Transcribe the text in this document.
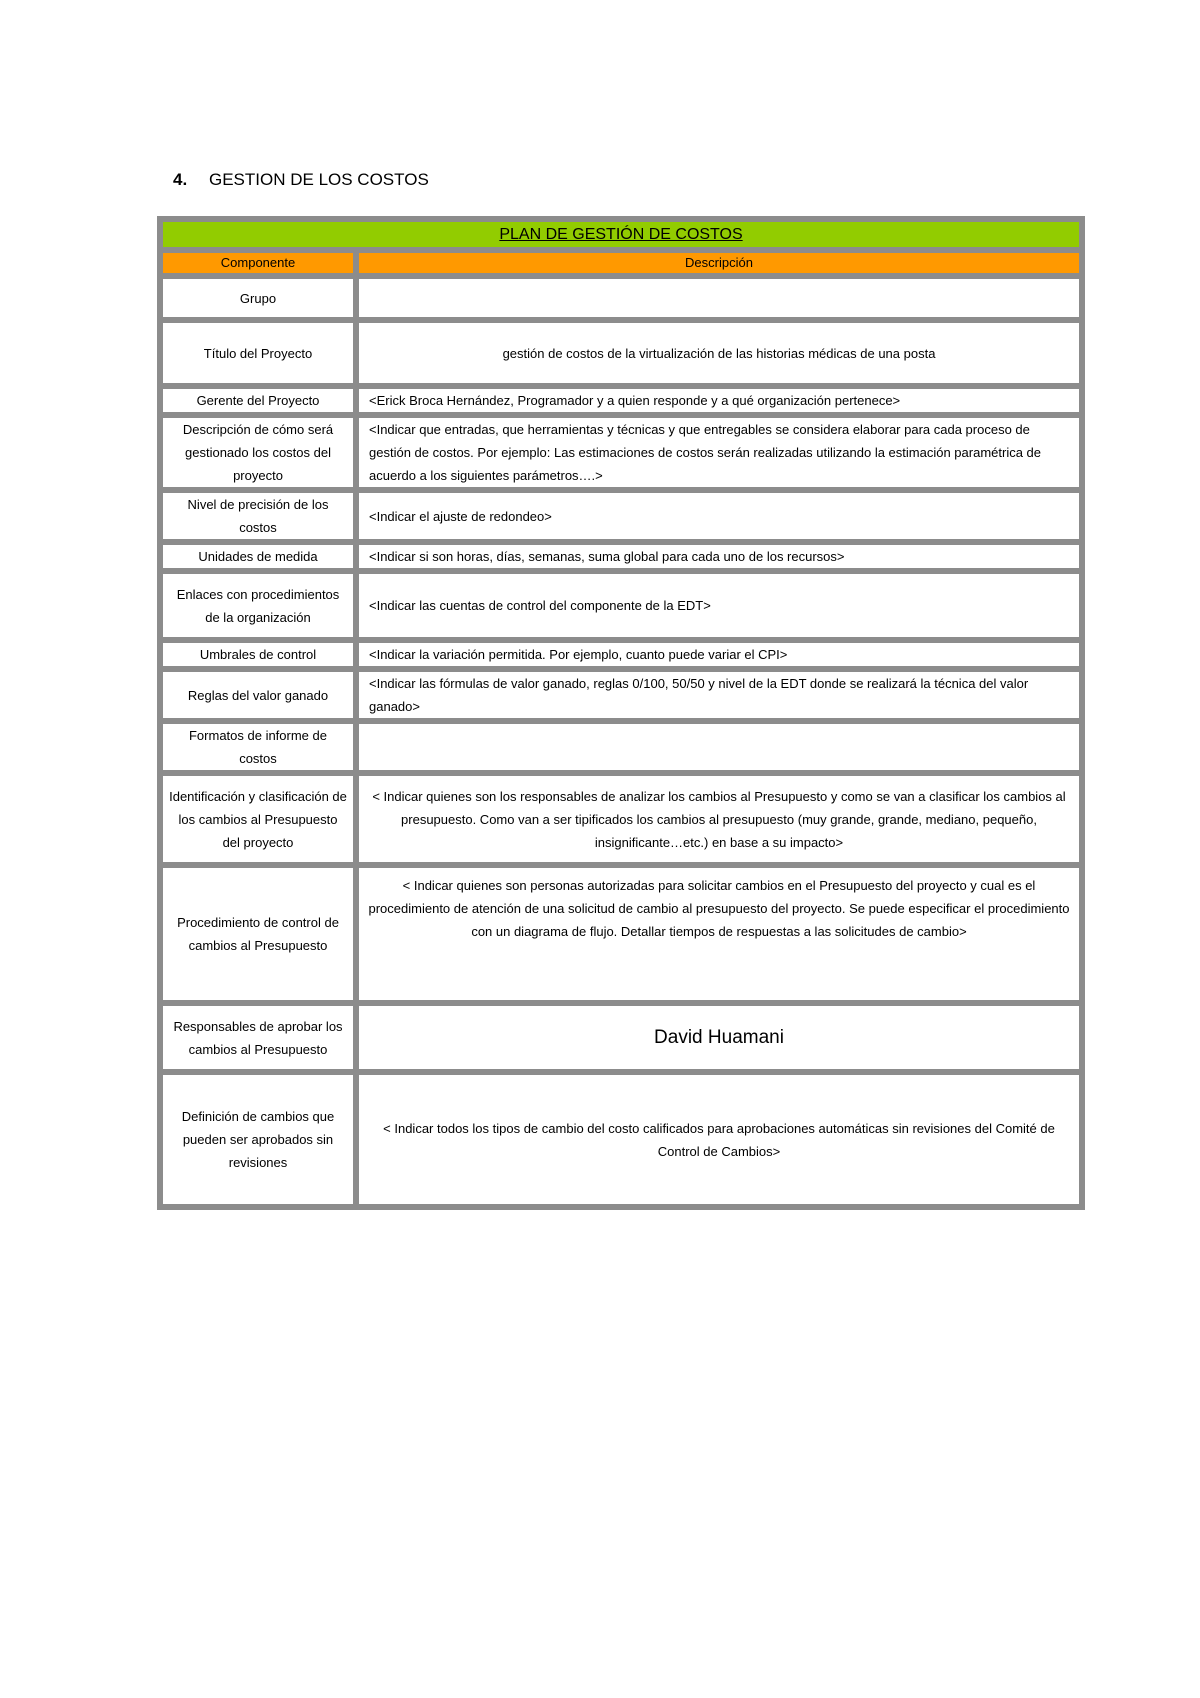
4.	GESTION DE LOS COSTOS
PLAN DE GESTIÓN DE COSTOS	
Componente	Descripción
Grupo	
Título del Proyecto	gestión de costos de la virtualización de las historias médicas de una posta
Gerente del Proyecto	<Erick Broca Hernández, Programador y a quien responde y a qué organización pertenece>
Descripción de cómo será gestionado los costos del proyecto	<Indicar que entradas, que herramientas y técnicas y que entregables se considera elaborar para cada proceso de gestión de costos. Por ejemplo: Las estimaciones de costos serán realizadas utilizando la estimación paramétrica de acuerdo a los siguientes parámetros….>
Nivel de precisión de los costos	<Indicar el ajuste de redondeo>
Unidades de medida	<Indicar si son horas, días, semanas, suma global para cada uno de los recursos>
Enlaces con procedimientos de la organización	<Indicar las cuentas de control del componente de la EDT>
Umbrales de control	<Indicar la variación permitida. Por ejemplo, cuanto puede variar el CPI>
Reglas del valor ganado	<Indicar las fórmulas de valor ganado, reglas 0/100, 50/50 y nivel de la EDT donde se realizará la técnica del valor ganado>
Formatos de informe de costos	
Identificación y clasificación de los cambios al Presupuesto del proyecto	< Indicar quienes son los responsables de analizar los cambios al Presupuesto y como se van a clasificar los cambios al presupuesto. Como van a ser tipificados los cambios al presupuesto (muy grande, grande, mediano, pequeño, insignificante…etc.) en base a su impacto>
Procedimiento de control de cambios al Presupuesto	< Indicar quienes son personas autorizadas para solicitar cambios en el Presupuesto del proyecto y cual es el procedimiento de atención de una solicitud de cambio al presupuesto del proyecto. Se puede especificar el procedimiento con un diagrama de flujo. Detallar tiempos de respuestas a las solicitudes de cambio>
Responsables de aprobar los cambios al Presupuesto	David Huamani
Definición de cambios que pueden ser aprobados sin revisiones	< Indicar todos los tipos de cambio del costo calificados para aprobaciones automáticas sin revisiones del Comité de Control de Cambios>
